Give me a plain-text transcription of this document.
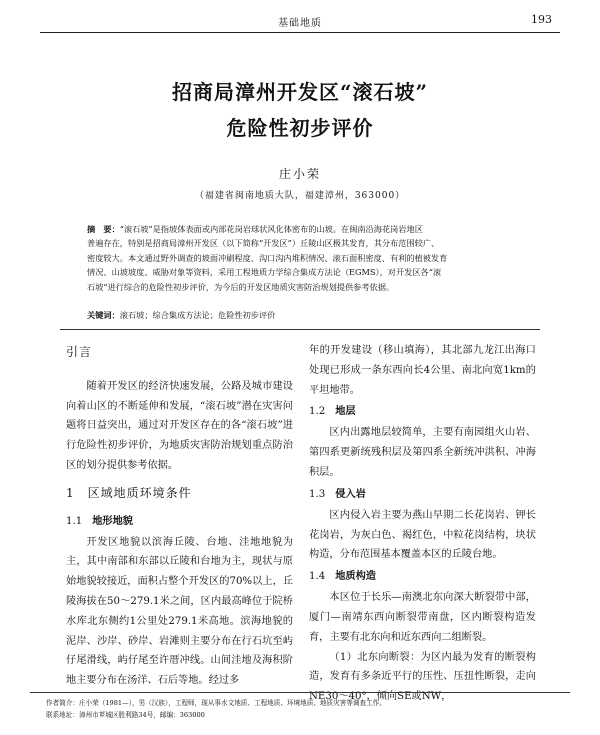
基础地质	193
招商局漳州开发区“滚石坡”
危险性初步评价
庄小荣
（福建省闽南地质大队，福建漳州，363000）
摘　要：“滚石坡”是指坡体表面或内部花岗岩球状风化体密布的山坡。在闽南沿海花岗岩地区
普遍存在，特别是招商局漳州开发区（以下简称“开发区”）丘陵山区极其发育，其分布范围较广、
密度较大。本文通过野外调查的坡面冲刷程度、沟口沟内堆积情况、滚石面积密度、有利的植被发育
情况、山坡坡度、威胁对象等资料，采用工程地质力学综合集成方法论（EGMS），对开发区各“滚
石坡”进行综合的危险性初步评价，为今后的开发区地质灾害防治规划提供参考依据。
关键词：滚石坡；综合集成方法论；危险性初步评价
引言

随着开发区的经济快速发展，公路及城市建设向着山区的不断延伸和发展，“滚石坡”潜在灾害问题将日益突出，通过对开发区存在的各“滚石坡”进行危险性初步评价，为地质灾害防治规划重点防治区的划分提供参考依据。

1　区域地质环境条件
1.1 地形地貌

开发区地貌以滨海丘陵、台地、洼地地貌为主，其中南部和东部以丘陵和台地为主，现状与原始地貌较接近，面积占整个开发区的70%以上，丘陵海拔在50～279.1米之间，区内最高峰位于院桥水库北东侧约1公里处279.1米高地。滨海地貌的泥岸、沙岸、砂岸、岩滩则主要分布在行石坑至屿仔尾滑线，屿仔尾至许厝冲线。山间洼地及海积阶地主要分布在汤洋、石后等地。经过多

年的开发建设（移山填海），其北部九龙江出海口处现已形成一条东西向长4公里、南北向宽1km的平坦地带。

1.2 地层

区内出露地层较简单，主要有南园组火山岩、第四系更新统残积层及第四系全新统冲洪积、冲海积层。

1.3 侵入岩

区内侵入岩主要为燕山早期二长花岗岩、钾长花岗岩，为灰白色、褐红色，中粒花岗结构，块状构造，分布范围基本覆盖本区的丘陵台地。

1.4 地质构造

本区位于长乐—南澳北东向深大断裂带中部，厦门—南靖东西向断裂带南盘，区内断裂构造发育，主要有北东向和近东西向二组断裂。

（1）北东向断裂：为区内最为发育的断裂构造，发育有多条近平行的压性、压扭性断裂，走向NE30～40°，倾向SE或NW，

作者简介：庄小荣（1981—），男（汉族），工程师，现从事水文地质、工程地质、环境地质、地质灾害等调查工作。
联系地址：漳州市芗城区胜利路34号，邮编：363000
